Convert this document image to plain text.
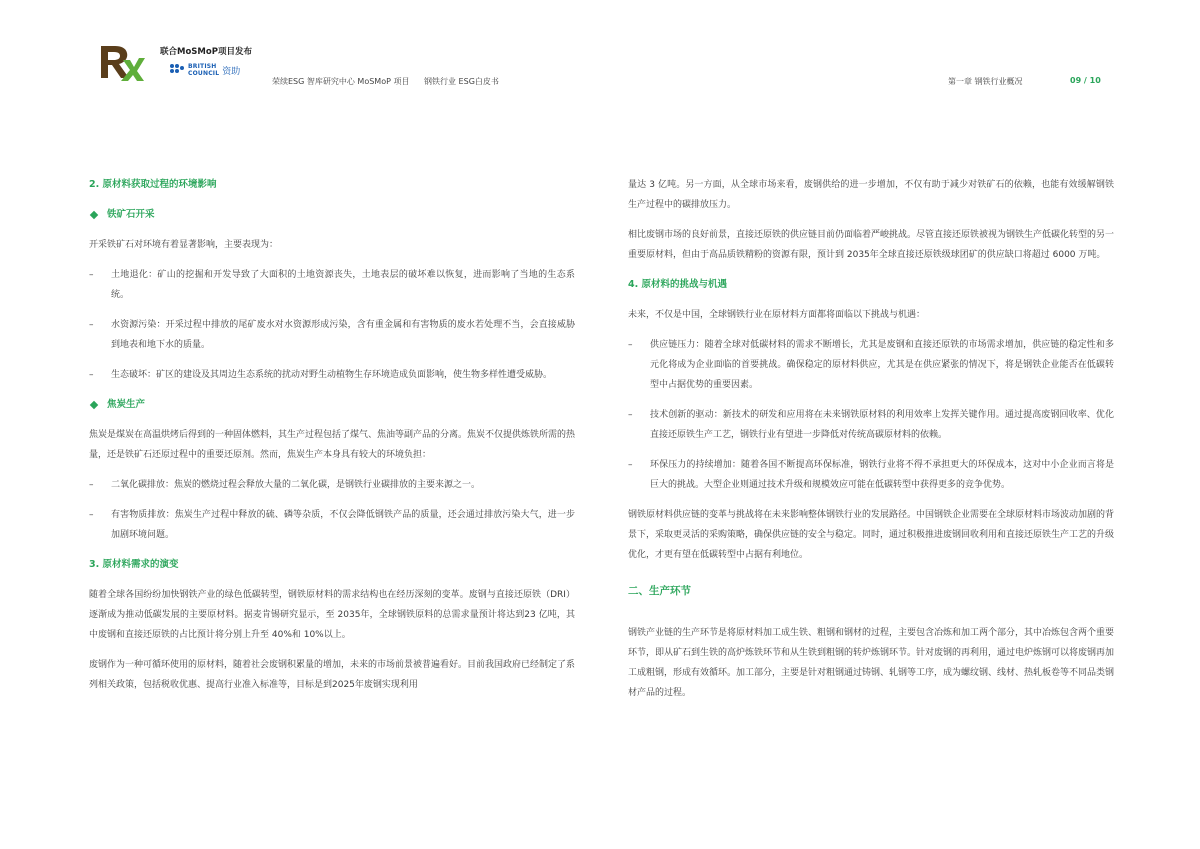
联合MoSMoP项目发布
BRITISH
COUNCIL 资助
荣续ESG 智库研究中心 MoSMoP 项目 钢铁行业 ESG白皮书	第一章 钢铁行业概况	09 / 10
2. 原材料获取过程的环境影响
铁矿石开采

开采铁矿石对环境有着显著影响，主要表现为：

–	土地退化：矿山的挖掘和开发导致了大面积的土地资源丧失，土地表层的破坏难以恢复，进而影响了当地的生态系统。
–	水资源污染：开采过程中排放的尾矿废水对水资源形成污染，含有重金属和有害物质的废水若处理不当，会直接威胁到地表和地下水的质量。
–	生态破坏：矿区的建设及其周边生态系统的扰动对野生动植物生存环境造成负面影响，使生物多样性遭受威胁。
焦炭生产

焦炭是煤炭在高温烘烤后得到的一种固体燃料，其生产过程包括了煤气、焦油等副产品的分离。焦炭不仅提供炼铁所需的热量，还是铁矿石还原过程中的重要还原剂。然而，焦炭生产本身具有较大的环境负担：

–	二氧化碳排放：焦炭的燃烧过程会释放大量的二氧化碳，是钢铁行业碳排放的主要来源之一。
–	有害物质排放：焦炭生产过程中释放的硫、磷等杂质，不仅会降低钢铁产品的质量，还会通过排放污染大气，进一步加剧环境问题。
3. 原材料需求的演变

随着全球各国纷纷加快钢铁产业的绿色低碳转型，钢铁原材料的需求结构也在经历深刻的变革。废钢与直接还原铁（DRI）逐渐成为推动低碳发展的主要原材料。据麦肯锡研究显示，至 2035年，全球钢铁原料的总需求量预计将达到23 亿吨，其中废钢和直接还原铁的占比预计将分别上升至 40%和 10%以上。

废钢作为一种可循环使用的原材料，随着社会废钢积累量的增加，未来的市场前景被普遍看好。目前我国政府已经制定了系列相关政策，包括税收优惠、提高行业准入标准等，目标是到2025年废钢实现利用

量达 3 亿吨。另一方面，从全球市场来看，废钢供给的进一步增加，不仅有助于减少对铁矿石的依赖，也能有效缓解钢铁生产过程中的碳排放压力。

相比废钢市场的良好前景，直接还原铁的供应链目前仍面临着严峻挑战。尽管直接还原铁被视为钢铁生产低碳化转型的另一重要原材料，但由于高品质铁精粉的资源有限，预计到 2035年全球直接还原铁级球团矿的供应缺口将超过 6000 万吨。

4. 原材料的挑战与机遇

未来，不仅是中国，全球钢铁行业在原材料方面都将面临以下挑战与机遇：

–	供应链压力：随着全球对低碳材料的需求不断增长，尤其是废钢和直接还原铁的市场需求增加，供应链的稳定性和多元化将成为企业面临的首要挑战。确保稳定的原材料供应，尤其是在供应紧张的情况下，将是钢铁企业能否在低碳转型中占据优势的重要因素。
–	技术创新的驱动：新技术的研发和应用将在未来钢铁原材料的利用效率上发挥关键作用。通过提高废钢回收率、优化直接还原铁生产工艺，钢铁行业有望进一步降低对传统高碳原材料的依赖。
–	环保压力的持续增加：随着各国不断提高环保标准，钢铁行业将不得不承担更大的环保成本，这对中小企业而言将是巨大的挑战。大型企业则通过技术升级和规模效应可能在低碳转型中获得更多的竞争优势。

钢铁原材料供应链的变革与挑战将在未来影响整体钢铁行业的发展路径。中国钢铁企业需要在全球原材料市场波动加剧的背景下，采取更灵活的采购策略，确保供应链的安全与稳定。同时，通过积极推进废钢回收利用和直接还原铁生产工艺的升级优化，才更有望在低碳转型中占据有利地位。

二、生产环节

钢铁产业链的生产环节是将原材料加工成生铁、粗钢和钢材的过程，主要包含冶炼和加工两个部分，其中冶炼包含两个重要环节，即从矿石到生铁的高炉炼铁环节和从生铁到粗钢的转炉炼钢环节。针对废钢的再利用，通过电炉炼钢可以将废钢再加工成粗钢，形成有效循环。加工部分，主要是针对粗钢通过铸钢、轧钢等工序，成为螺纹钢、线材、热轧板卷等不同品类钢材产品的过程。
